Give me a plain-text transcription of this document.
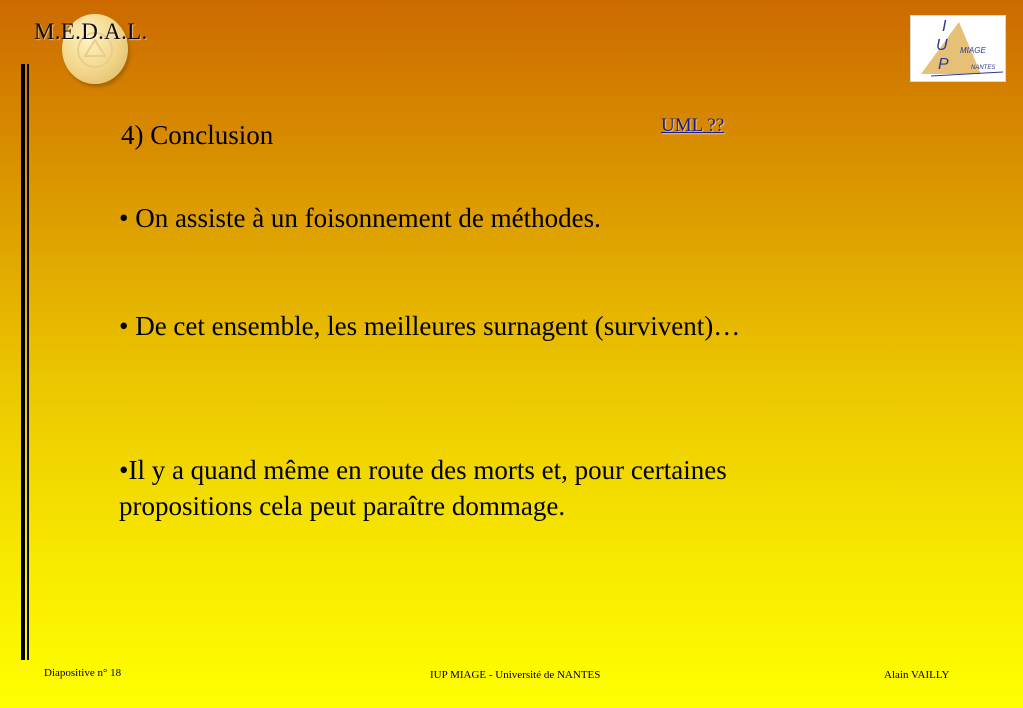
M.E.D.A.L.	I
U
P
MIAGE
NANTES
4) Conclusion	UML ??
• On assiste à un foisonnement de méthodes.
• De cet ensemble, les meilleures surnagent (survivent)…
•Il y a quand même en route des morts et, pour certaines
propositions cela peut paraître dommage.
Diapositive n° 18	IUP MIAGE - Université de NANTES	Alain VAILLY
